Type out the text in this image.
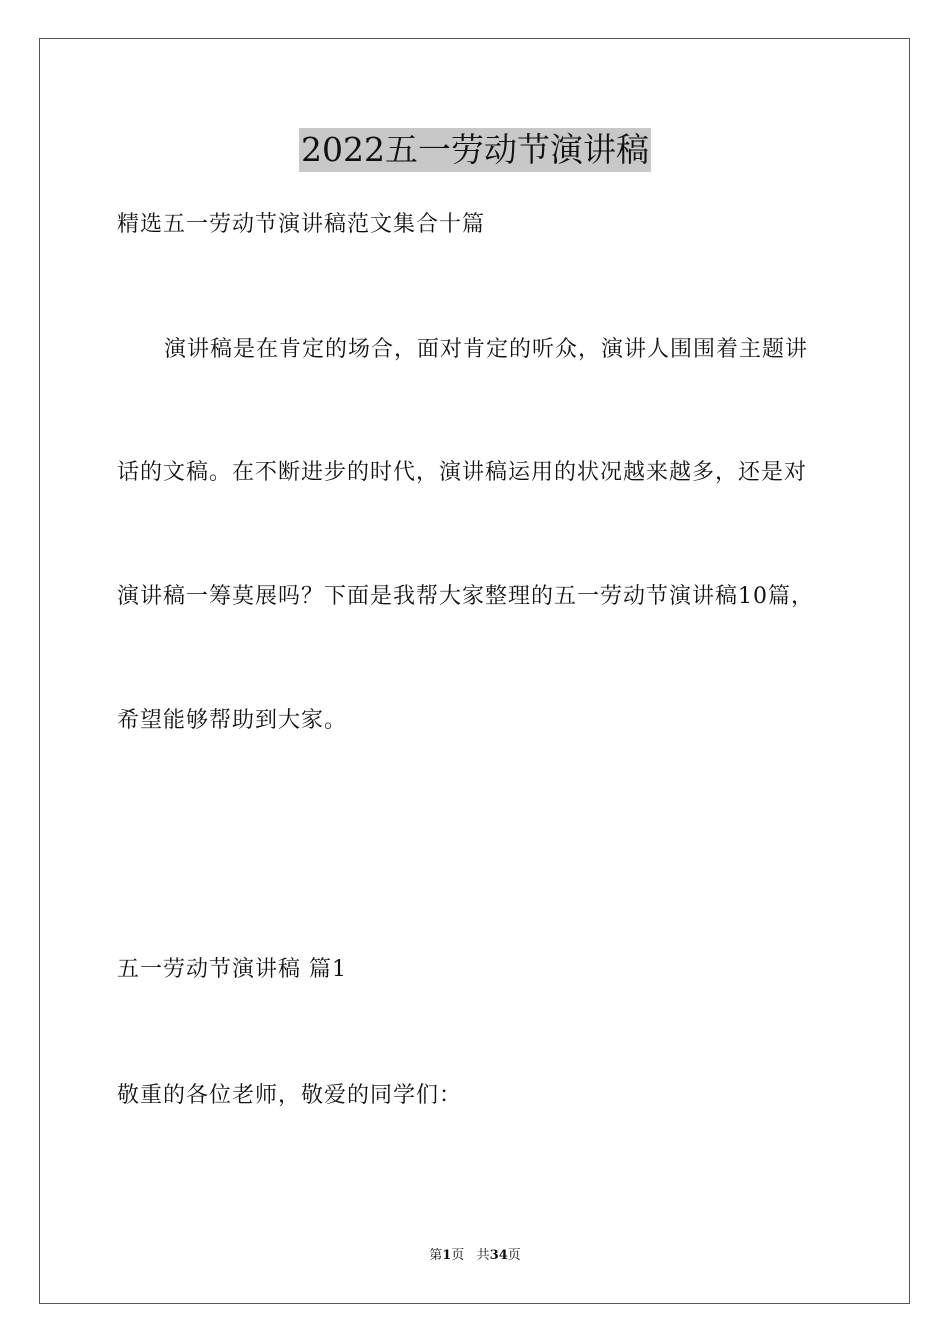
2022五一劳动节演讲稿
精选五一劳动节演讲稿范文集合十篇
演讲稿是在肯定的场合，面对肯定的听众，演讲人围围着主题讲
话的文稿。在不断进步的时代，演讲稿运用的状况越来越多，还是对
演讲稿一筹莫展吗？下面是我帮大家整理的五一劳动节演讲稿10篇，
希望能够帮助到大家。
五一劳动节演讲稿 篇1
敬重的各位老师，敬爱的同学们：
第1页 共34页
